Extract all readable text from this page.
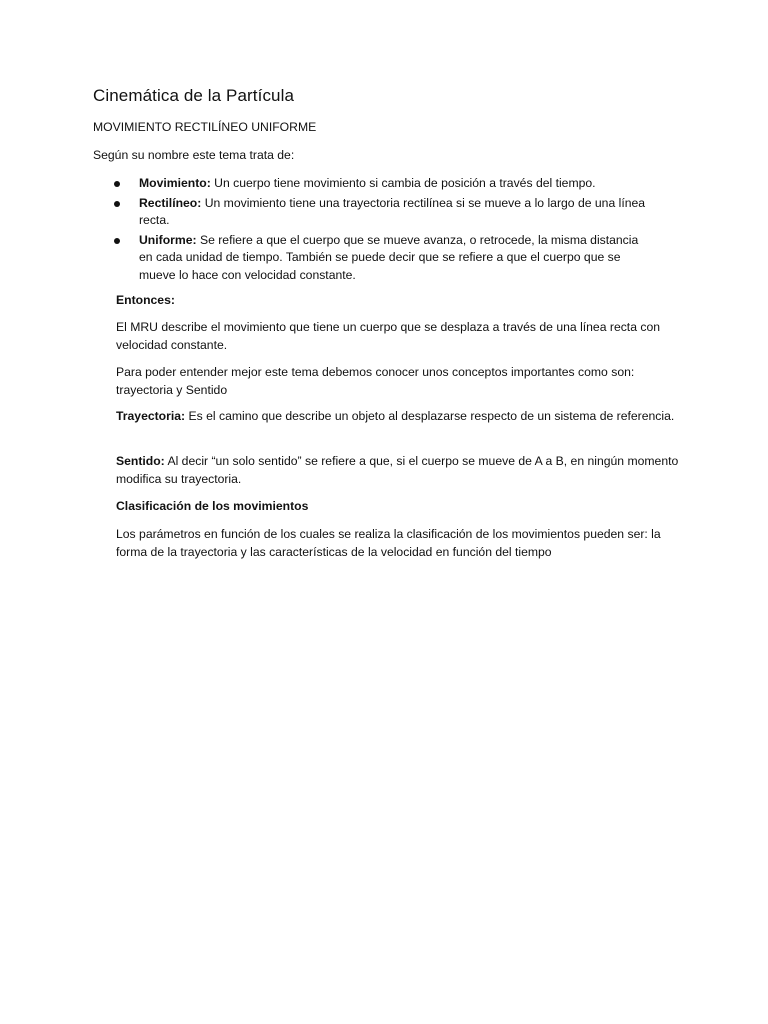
Cinemática de la Partícula
MOVIMIENTO RECTILÍNEO UNIFORME

Según su nombre este tema trata de:

Movimiento: Un cuerpo tiene movimiento si cambia de posición a través del tiempo.
Rectilíneo: Un movimiento tiene una trayectoria rectilínea si se mueve a lo largo de una línea recta.
Uniforme: Se refiere a que el cuerpo que se mueve avanza, o retrocede, la misma distancia en cada unidad de tiempo. También se puede decir que se refiere a que el cuerpo que se mueve lo hace con velocidad constante.

Entonces:

El MRU describe el movimiento que tiene un cuerpo que se desplaza a través de una línea recta con velocidad constante.

Para poder entender mejor este tema debemos conocer unos conceptos importantes como son: trayectoria y Sentido

Trayectoria: Es el camino que describe un objeto al desplazarse respecto de un sistema de referencia.

Sentido: Al decir “un solo sentido” se refiere a que, si el cuerpo se mueve de A a B, en ningún momento modifica su trayectoria.

Clasificación de los movimientos

Los parámetros en función de los cuales se realiza la clasificación de los movimientos pueden ser: la forma de la trayectoria y las características de la velocidad en función del tiempo
